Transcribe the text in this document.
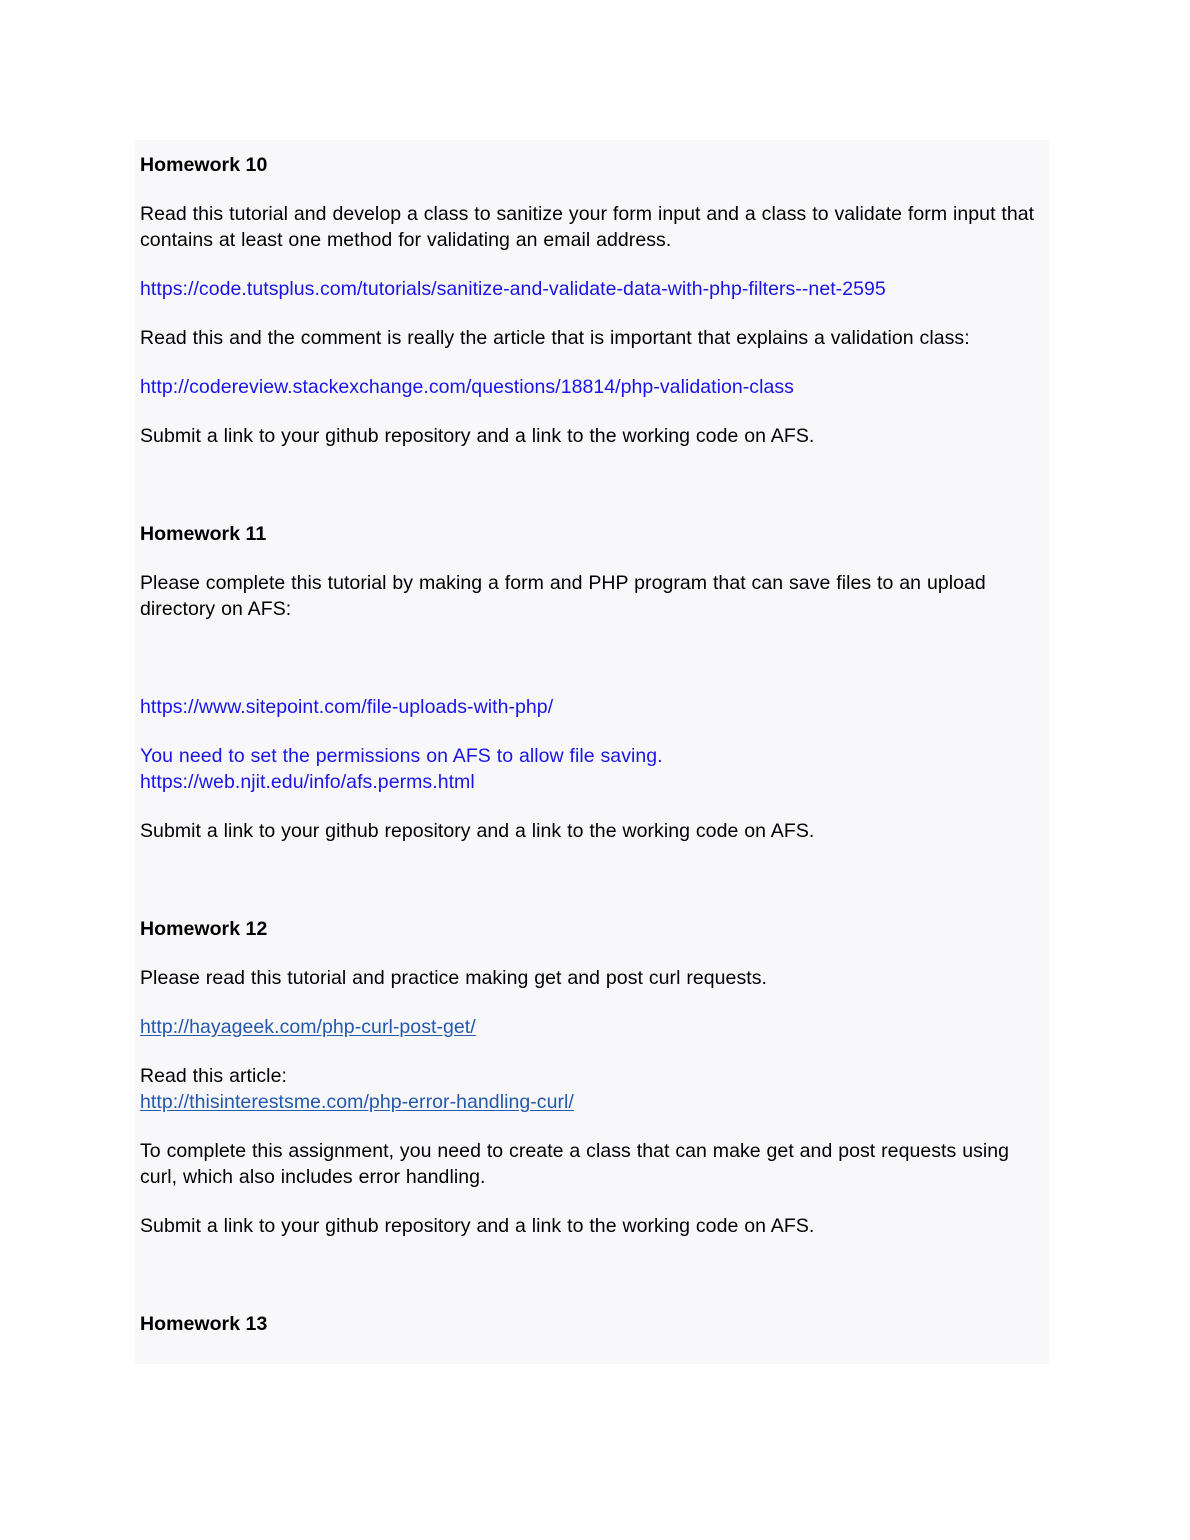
Homework 10

Read this tutorial and develop a class to sanitize your form input and a class to validate form input that contains at least one method for validating an email address.

https://code.tutsplus.com/tutorials/sanitize-and-validate-data-with-php-filters--net-2595

Read this and the comment is really the article that is important that explains a validation class:

http://codereview.stackexchange.com/questions/18814/php-validation-class

Submit a link to your github repository and a link to the working code on AFS.

Homework 11

Please complete this tutorial by making a form and PHP program that can save files to an upload directory on AFS:

https://www.sitepoint.com/file-uploads-with-php/

You need to set the permissions on AFS to allow file saving.
https://web.njit.edu/info/afs.perms.html

Submit a link to your github repository and a link to the working code on AFS.

Homework 12

Please read this tutorial and practice making get and post curl requests.

http://hayageek.com/php-curl-post-get/

Read this article:
http://thisinterestsme.com/php-error-handling-curl/

To complete this assignment, you need to create a class that can make get and post requests using curl, which also includes error handling.

Submit a link to your github repository and a link to the working code on AFS.

Homework 13
